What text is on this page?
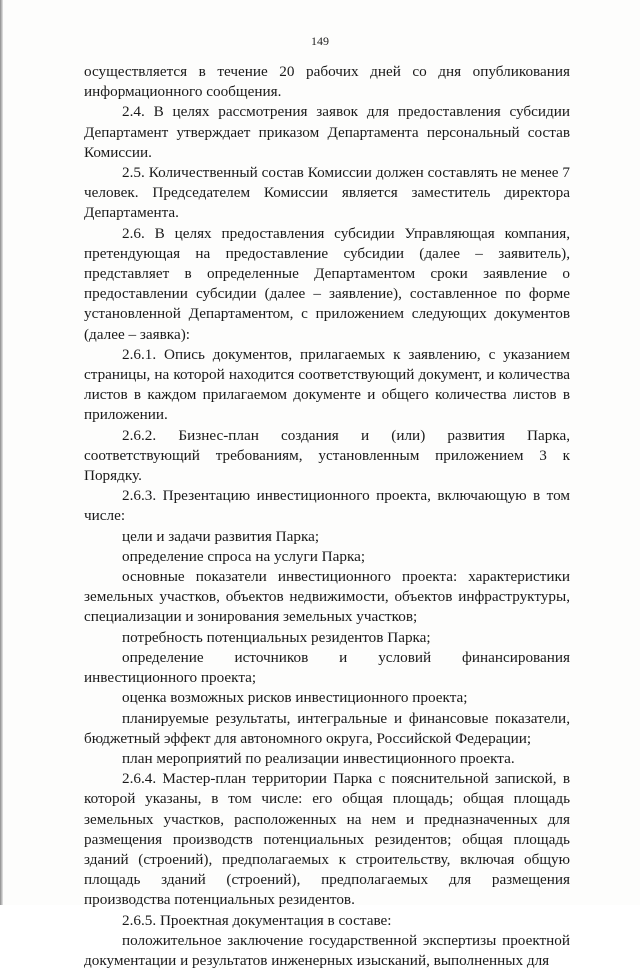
149

осуществляется в течение 20 рабочих дней со дня опубликования информационного сообщения.

2.4. В целях рассмотрения заявок для предоставления субсидии Департамент утверждает приказом Департамента персональный состав Комиссии.

2.5. Количественный состав Комиссии должен составлять не менее 7 человек. Председателем Комиссии является заместитель директора Департамента.

2.6. В целях предоставления субсидии Управляющая компания, претендующая на предоставление субсидии (далее – заявитель), представляет в определенные Департаментом сроки заявление о предоставлении субсидии (далее – заявление), составленное по форме установленной Департаментом, с приложением следующих документов (далее – заявка):

2.6.1. Опись документов, прилагаемых к заявлению, с указанием страницы, на которой находится соответствующий документ, и количества листов в каждом прилагаемом документе и общего количества листов в приложении.

2.6.2. Бизнес-план создания и (или) развития Парка, соответствующий требованиям, установленным приложением 3 к Порядку.

2.6.3. Презентацию инвестиционного проекта, включающую в том числе:

цели и задачи развития Парка;

определение спроса на услуги Парка;

основные показатели инвестиционного проекта: характеристики земельных участков, объектов недвижимости, объектов инфраструктуры, специализации и зонирования земельных участков;

потребность потенциальных резидентов Парка;

определение источников и условий финансирования инвестиционного проекта;

оценка возможных рисков инвестиционного проекта;

планируемые результаты, интегральные и финансовые показатели, бюджетный эффект для автономного округа, Российской Федерации;

план мероприятий по реализации инвестиционного проекта.

2.6.4. Мастер-план территории Парка с пояснительной запиской, в которой указаны, в том числе: его общая площадь; общая площадь земельных участков, расположенных на нем и предназначенных для размещения производств потенциальных резидентов; общая площадь зданий (строений), предполагаемых к строительству, включая общую площадь зданий (строений), предполагаемых для размещения производства потенциальных резидентов.

2.6.5. Проектная документация в составе:

положительное заключение государственной экспертизы проектной документации и результатов инженерных изысканий, выполненных для
